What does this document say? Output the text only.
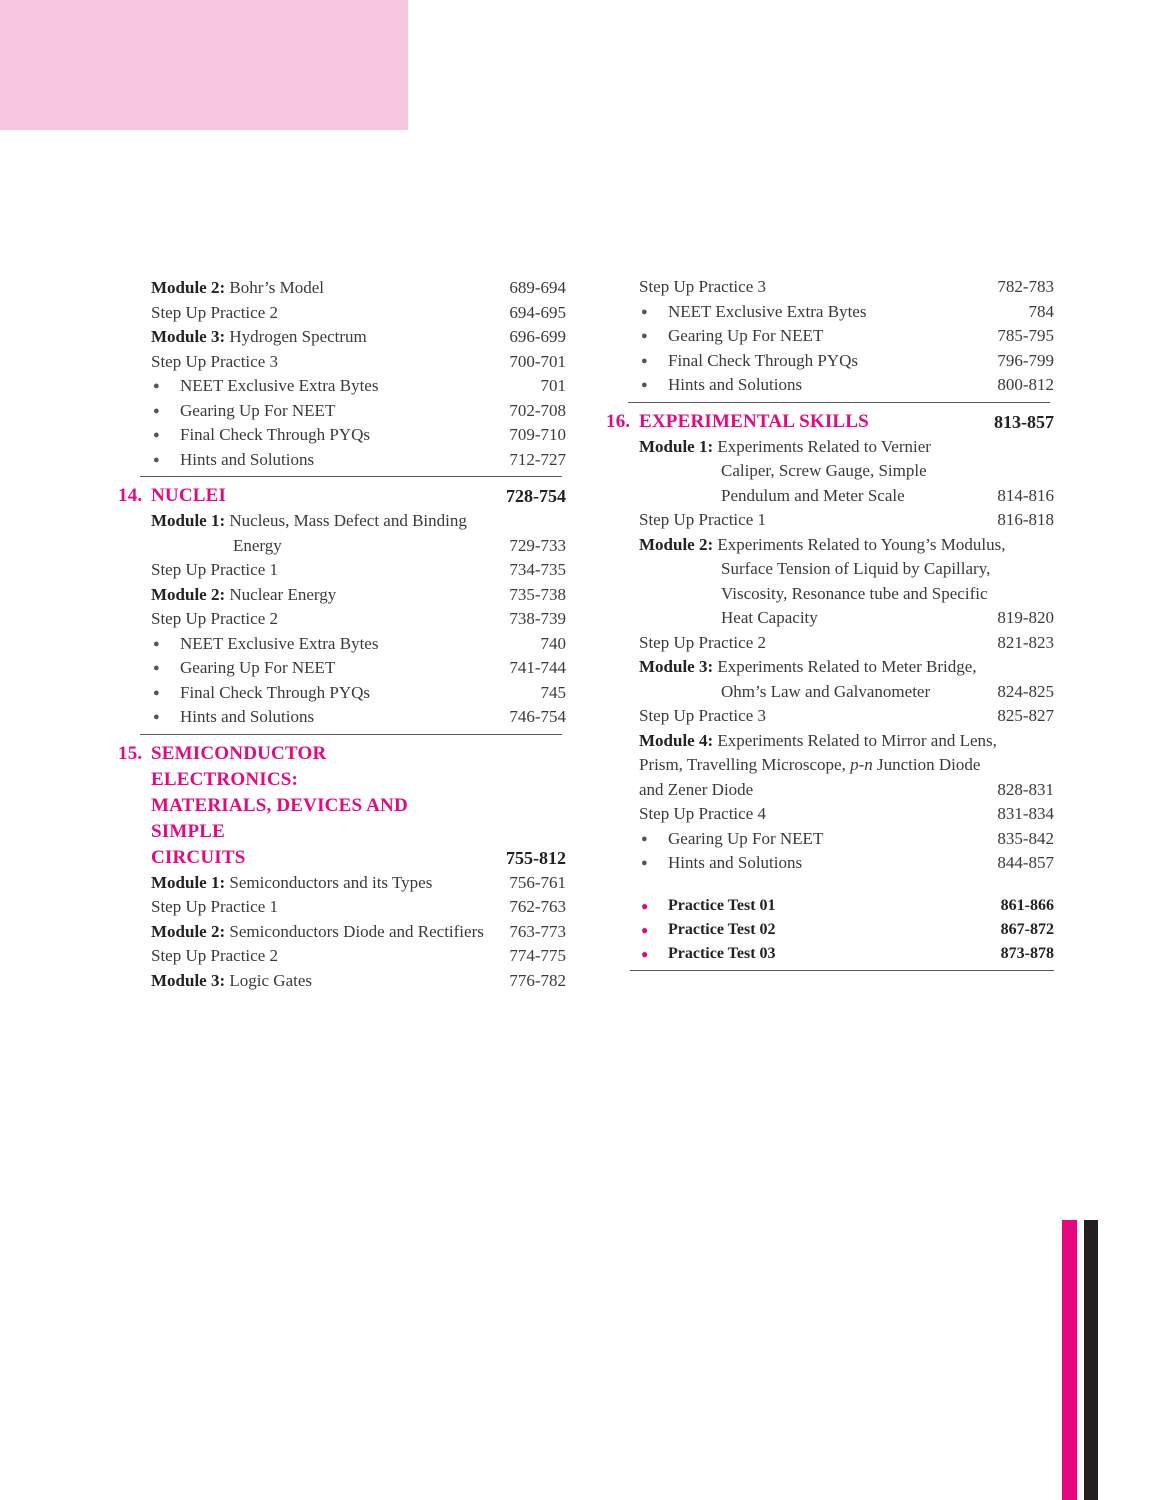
Module 2: Bohr’s Model	689-694
Step Up Practice 2	694-695
Module 3: Hydrogen Spectrum	696-699
Step Up Practice 3	700-701
● NEET Exclusive Extra Bytes	701
● Gearing Up For NEET	702-708
● Final Check Through PYQs	709-710
● Hints and Solutions	712-727
14. NUCLEI	728-754
Module 1: Nucleus, Mass Defect and Binding
Energy	729-733
Step Up Practice 1	734-735
Module 2: Nuclear Energy	735-738
Step Up Practice 2	738-739
● NEET Exclusive Extra Bytes	740
● Gearing Up For NEET	741-744
● Final Check Through PYQs	745
● Hints and Solutions	746-754
15. SEMICONDUCTOR ELECTRONICS:
MATERIALS, DEVICES AND SIMPLE
CIRCUITS	755-812
Module 1: Semiconductors and its Types	756-761
Step Up Practice 1	762-763
Module 2: Semiconductors Diode and Rectifiers	763-773
Step Up Practice 2	774-775
Module 3: Logic Gates	776-782
Step Up Practice 3	782-783
● NEET Exclusive Extra Bytes	784
● Gearing Up For NEET	785-795
● Final Check Through PYQs	796-799
● Hints and Solutions	800-812
16. EXPERIMENTAL SKILLS	813-857
Module 1: Experiments Related to Vernier
Caliper, Screw Gauge, Simple
Pendulum and Meter Scale	814-816
Step Up Practice 1	816-818
Module 2: Experiments Related to Young’s Modulus,
Surface Tension of Liquid by Capillary,
Viscosity, Resonance tube and Specific
Heat Capacity	819-820
Step Up Practice 2	821-823
Module 3: Experiments Related to Meter Bridge,
Ohm’s Law and Galvanometer	824-825
Step Up Practice 3	825-827
Module 4: Experiments Related to Mirror and Lens,
Prism, Travelling Microscope, p-n Junction Diode
and Zener Diode	828-831
Step Up Practice 4	831-834
● Gearing Up For NEET	835-842
● Hints and Solutions	844-857
● Practice Test 01	861-866
● Practice Test 02	867-872
● Practice Test 03	873-878
